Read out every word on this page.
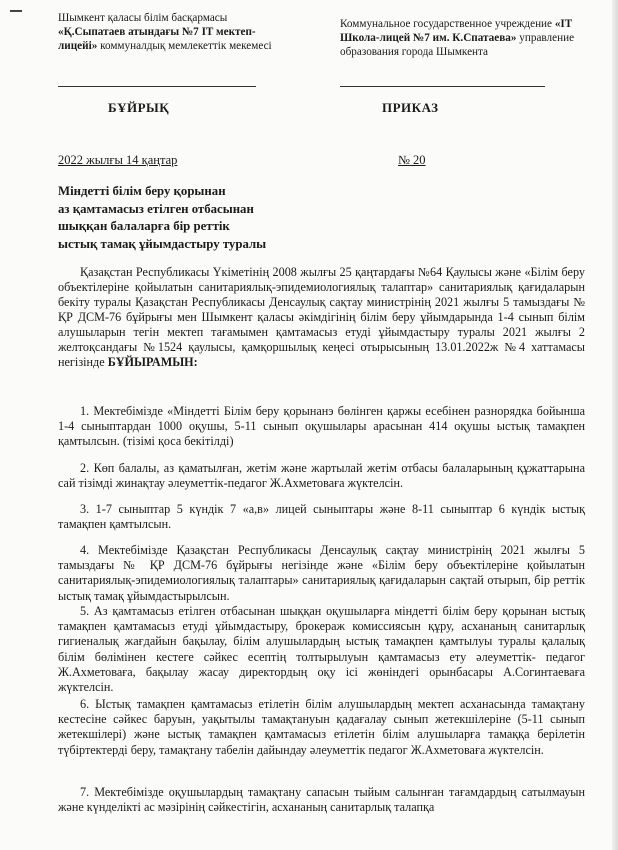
Шымкент қаласы білім басқармасы
«Қ.Сыпатаев атындағы №7 IT мектеп-лицейі» коммуналдық мемлекеттік мекемесі
Коммунальное государственное учреждение «IT Школа-лицей №7 им. К.Спатаева» управление образования города Шымкента
БҰЙРЫҚ	ПРИКАЗ
2022 жылғы 14 қаңтар	№ 20
Міндетті білім беру қорынан
аз қамтамасыз етілген отбасынан
шыққан балаларға бір реттік
ыстық тамақ ұйымдастыру туралы
Қазақстан Республикасы Үкіметінің 2008 жылғы 25 қаңтардағы №64 Қаулысы және «Білім беру объектілеріне қойылатын санитариялық-эпидемиологиялық талаптар» санитариялық қағидаларын бекіту туралы Қазақстан Республикасы Денсаулық сақтау министрінің 2021 жылғы 5 тамыздағы № ҚР ДСМ-76 бұйрығы мен Шымкент қаласы әкімдігінің білім беру ұйымдарында 1-4 сынып білім алушыларын тегін мектеп тағамымен қамтамасыз етуді ұйымдастыру туралы 2021 жылғы 2 желтоқсандағы №1524 қаулысы, қамқоршылық кеңесі отырысының 13.01.2022ж №4 хаттамасы негізінде БҰЙЫРАМЫН:
1. Мектебімізде «Міндетті Білім беру қорынанэ бөлінген қаржы есебінен разнорядка бойынша 1-4 сыныптардан 1000 оқушы, 5-11 сынып оқушылары арасынан 414 оқушы ыстық тамақпен қамтылсын. (тізімі қоса бекітілді)
2. Көп балалы, аз қаматылған, жетім және жартылай жетім отбасы балаларының құжаттарына сай тізімді жинақтау әлеуметтік-педагог Ж.Ахметоваға жүктелсін.
3. 1-7 сыныптар 5 күндік 7 «а,в» лицей сыныптары және 8-11 сыныптар 6 күндік ыстық тамақпен қамтылсын.
4. Мектебімізде Қазақстан Республикасы Денсаулық сақтау министрінің 2021 жылғы 5 тамыздағы № ҚР ДСМ-76 бұйрығы негізінде және «Білім беру объектілеріне қойылатын санитариялық-эпидемиологиялық талаптары» санитариялық қағидаларын сақтай отырып, бір реттік ыстық тамақ ұйымдастырылсын.
5. Аз қамтамасыз етілген отбасынан шыққан оқушыларға міндетті білім беру қорынан ыстық тамақпен қамтамасыз етуді ұйымдастыру, брокераж комиссиясын құру, асхананың санитарлық гигиеналық жағдайын бақылау, білім алушылардың ыстық тамақпен қамтылуы туралы қалалық білім бөлімінен кестеге сәйкес есептің толтырылуын қамтамасыз ету әлеуметтік- педагог Ж.Ахметоваға, бақылау жасау директордың оқу ісі жөніндегі орынбасары А.Согинтаеваға жүктелсін.
6. Ыстық тамақпен қамтамасыз етілетін білім алушылардың мектеп асханасында тамақтану кестесіне сәйкес баруын, уақытылы тамақтануын қадағалау сынып жетекшілеріне (5-11 сынып жетекшілері) және ыстық тамақпен қамтамасыз етілетін білім алушыларға тамаққа берілетін түбіртектерді беру, тамақтану табелін дайындау әлеуметтік педагог Ж.Ахметоваға жүктелсін.
7. Мектебімізде оқушылардың тамақтану сапасын тыйым салынған тағамдардың сатылмауын және күнделікті ас мәзірінің сәйкестігін, асхананың санитарлық талапқа
